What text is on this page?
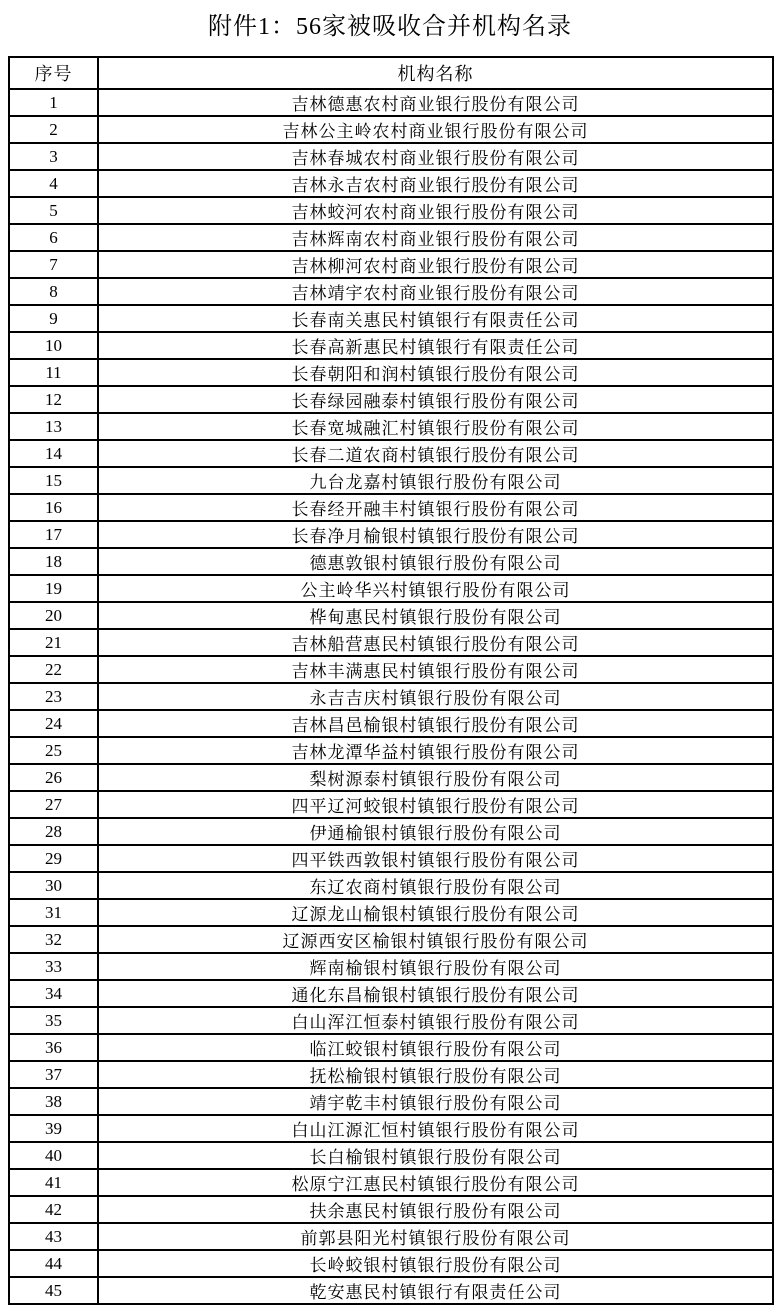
附件1：56家被吸收合并机构名录
序号	机构名称
1	吉林德惠农村商业银行股份有限公司
2	吉林公主岭农村商业银行股份有限公司
3	吉林春城农村商业银行股份有限公司
4	吉林永吉农村商业银行股份有限公司
5	吉林蛟河农村商业银行股份有限公司
6	吉林辉南农村商业银行股份有限公司
7	吉林柳河农村商业银行股份有限公司
8	吉林靖宇农村商业银行股份有限公司
9	长春南关惠民村镇银行有限责任公司
10	长春高新惠民村镇银行有限责任公司
11	长春朝阳和润村镇银行股份有限公司
12	长春绿园融泰村镇银行股份有限公司
13	长春宽城融汇村镇银行股份有限公司
14	长春二道农商村镇银行股份有限公司
15	九台龙嘉村镇银行股份有限公司
16	长春经开融丰村镇银行股份有限公司
17	长春净月榆银村镇银行股份有限公司
18	德惠敦银村镇银行股份有限公司
19	公主岭华兴村镇银行股份有限公司
20	桦甸惠民村镇银行股份有限公司
21	吉林船营惠民村镇银行股份有限公司
22	吉林丰满惠民村镇银行股份有限公司
23	永吉吉庆村镇银行股份有限公司
24	吉林昌邑榆银村镇银行股份有限公司
25	吉林龙潭华益村镇银行股份有限公司
26	梨树源泰村镇银行股份有限公司
27	四平辽河蛟银村镇银行股份有限公司
28	伊通榆银村镇银行股份有限公司
29	四平铁西敦银村镇银行股份有限公司
30	东辽农商村镇银行股份有限公司
31	辽源龙山榆银村镇银行股份有限公司
32	辽源西安区榆银村镇银行股份有限公司
33	辉南榆银村镇银行股份有限公司
34	通化东昌榆银村镇银行股份有限公司
35	白山浑江恒泰村镇银行股份有限公司
36	临江蛟银村镇银行股份有限公司
37	抚松榆银村镇银行股份有限公司
38	靖宇乾丰村镇银行股份有限公司
39	白山江源汇恒村镇银行股份有限公司
40	长白榆银村镇银行股份有限公司
41	松原宁江惠民村镇银行股份有限公司
42	扶余惠民村镇银行股份有限公司
43	前郭县阳光村镇银行股份有限公司
44	长岭蛟银村镇银行股份有限公司
45	乾安惠民村镇银行有限责任公司
